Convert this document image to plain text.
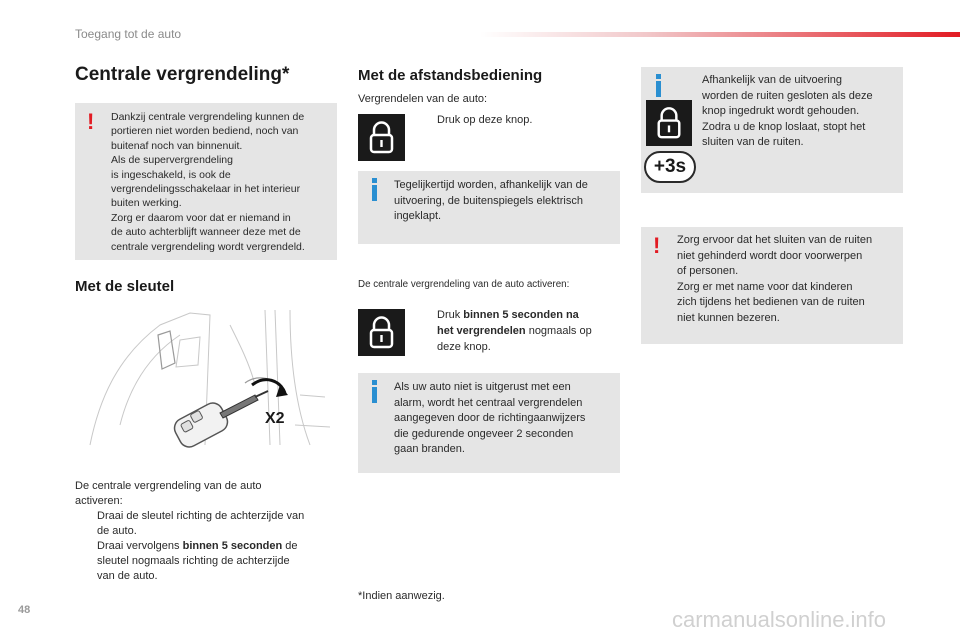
Toegang tot de auto
Centrale vergrendeling*
! Dankzij centrale vergrendeling kunnen de
portieren niet worden bediend, noch van
buitenaf noch van binnenuit.
Als de supervergrendeling
is ingeschakeld, is ook de
vergrendelingsschakelaar in het interieur
buiten werking.
Zorg er daarom voor dat er niemand in
de auto achterblijft wanneer deze met de
centrale vergrendeling wordt vergrendeld.
Met de sleutel
X2
De centrale vergrendeling van de auto
activeren:
Draai de sleutel richting de achterzijde van
de auto.
Draai vervolgens binnen 5 seconden de
sleutel nogmaals richting de achterzijde
van de auto.
Met de afstandsbediening
Vergrendelen van de auto:
Druk op deze knop.
Tegelijkertijd worden, afhankelijk van de
uitvoering, de buitenspiegels elektrisch
ingeklapt.
De centrale vergrendeling van de auto activeren:
Druk binnen 5 seconden na
het vergrendelen nogmaals op
deze knop.
Als uw auto niet is uitgerust met een
alarm, wordt het centraal vergrendelen
aangegeven door de richtingaanwijzers
die gedurende ongeveer 2 seconden
gaan branden.
*Indien aanwezig.
+3s
Afhankelijk van de uitvoering
worden de ruiten gesloten als deze
knop ingedrukt wordt gehouden.
Zodra u de knop loslaat, stopt het
sluiten van de ruiten.
! Zorg ervoor dat het sluiten van de ruiten
niet gehinderd wordt door voorwerpen
of personen.
Zorg er met name voor dat kinderen
zich tijdens het bedienen van de ruiten
niet kunnen bezeren.
48	carmanualsonline.info
